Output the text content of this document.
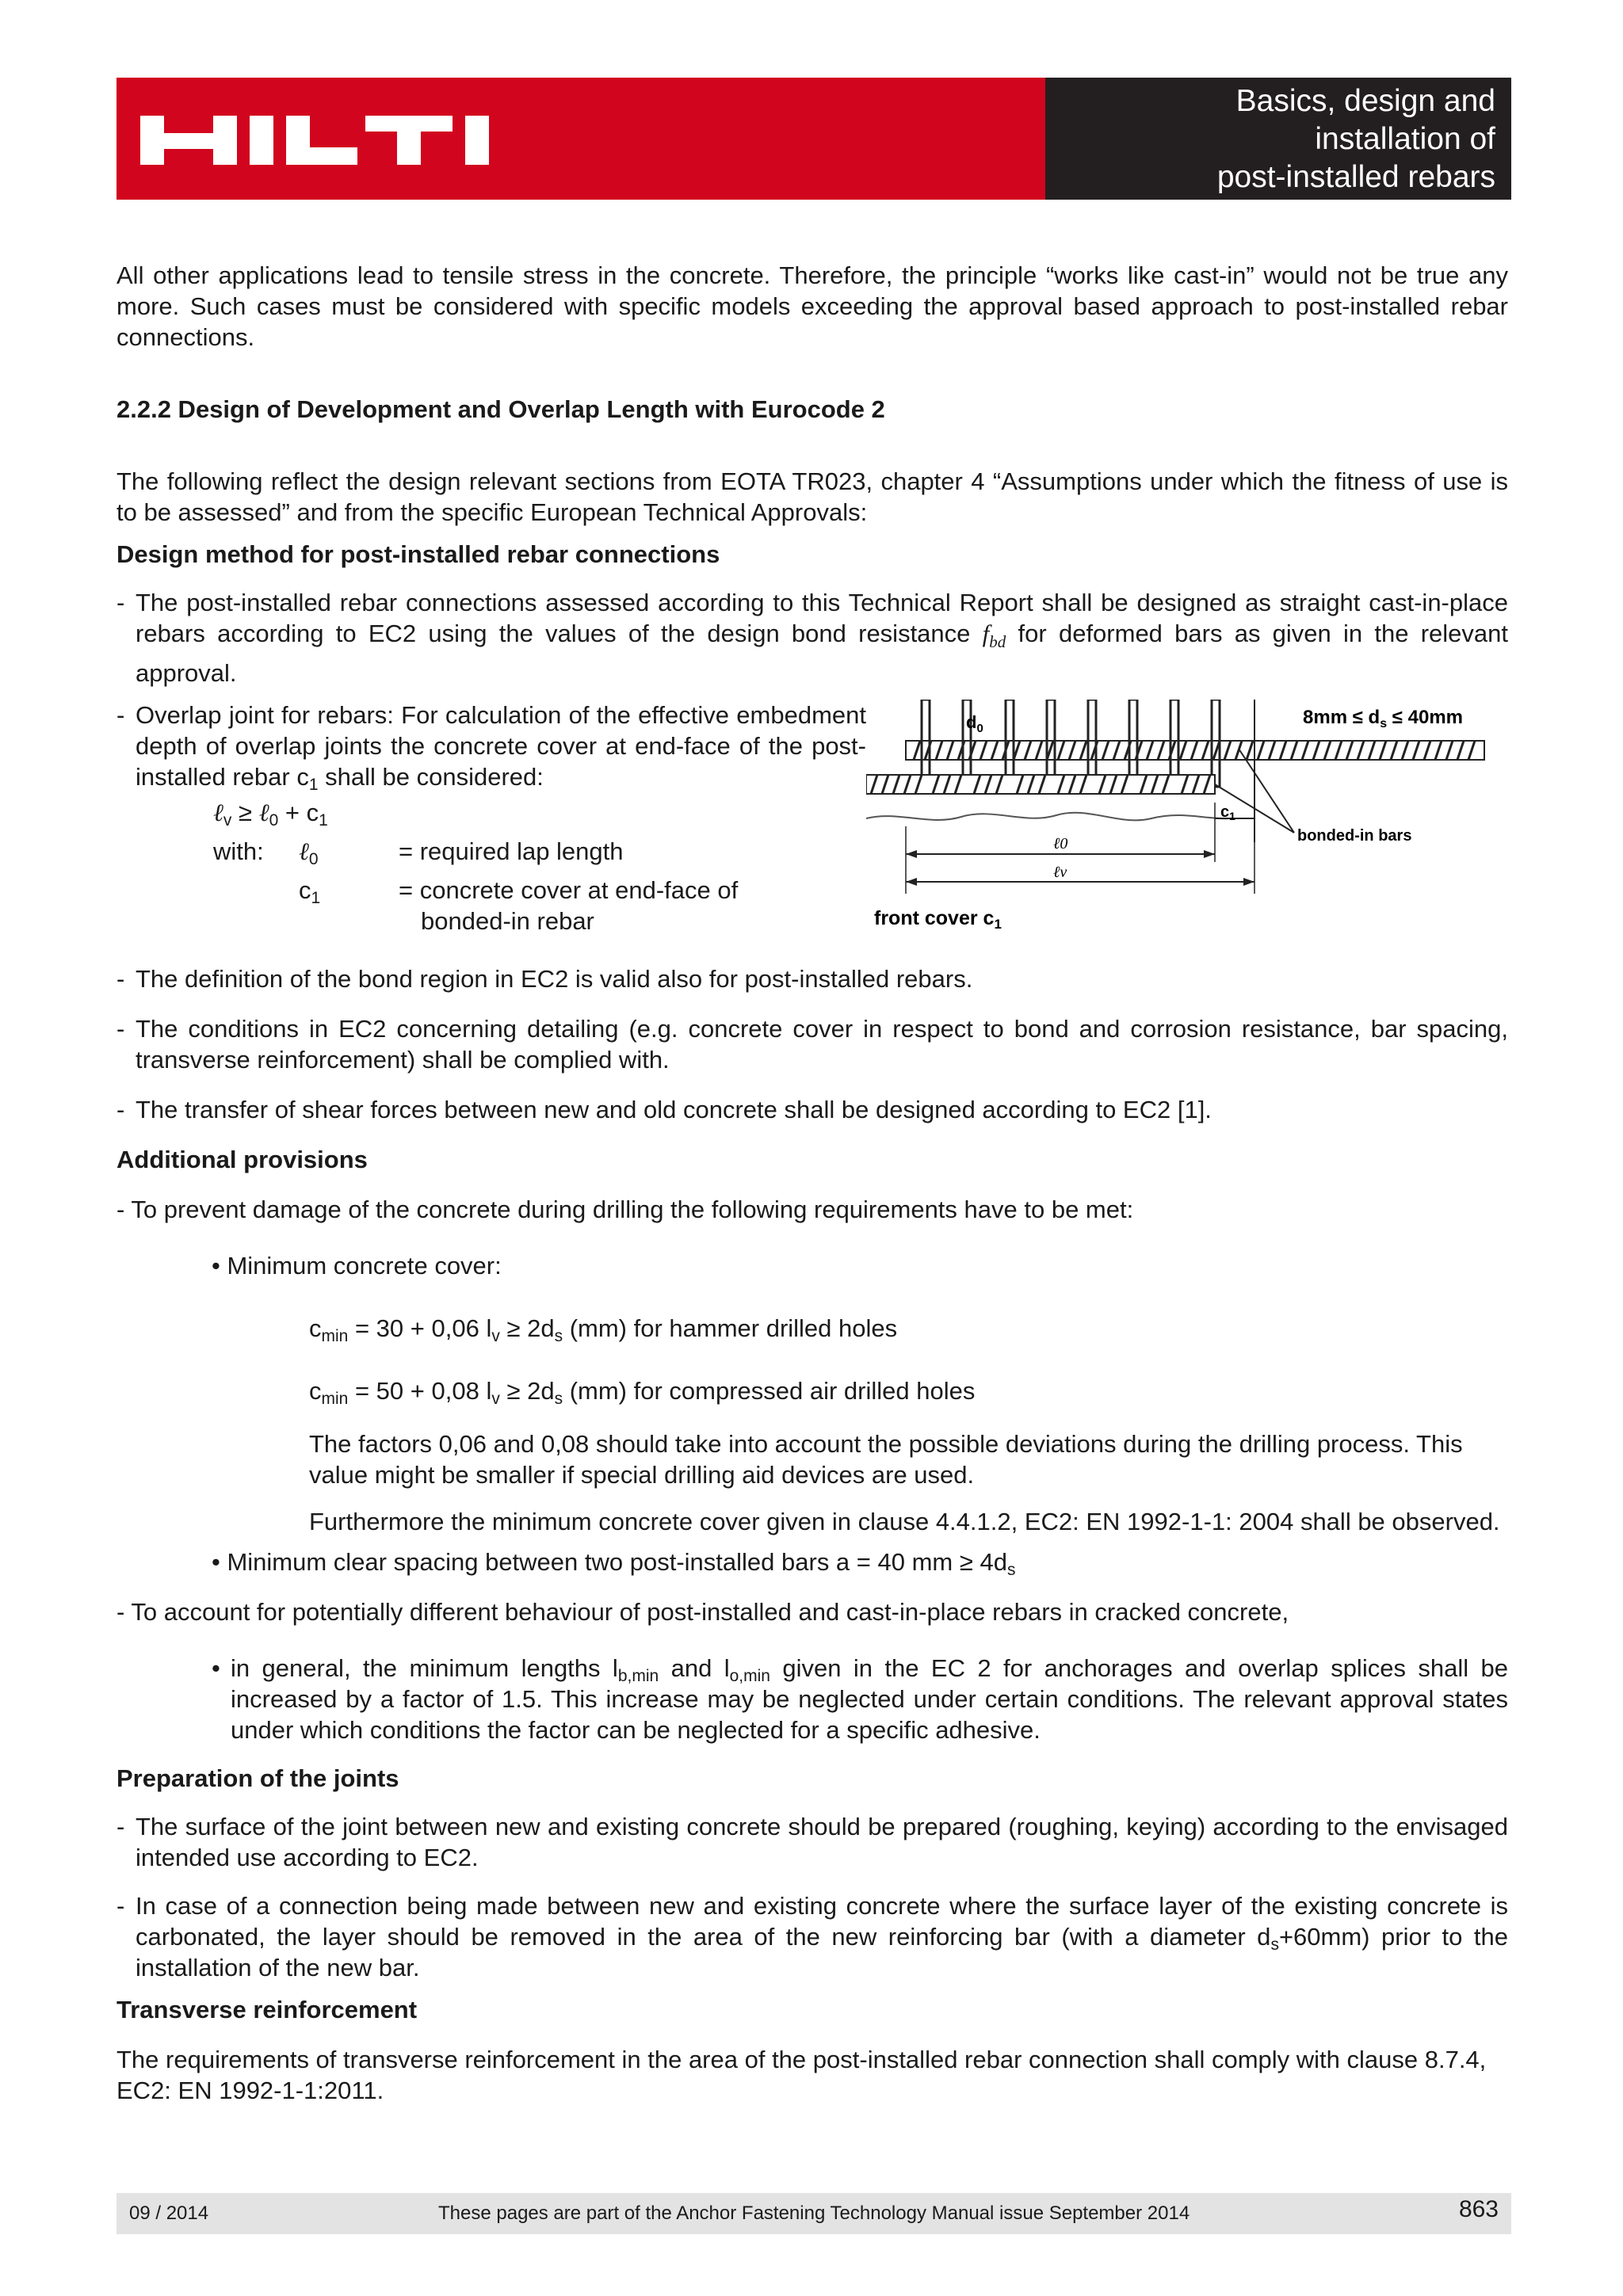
Basics, design and
installation of
post-installed rebars

All other applications lead to tensile stress in the concrete. Therefore, the principle “works like cast-in” would not be true any more. Such cases must be considered with specific models exceeding the approval based approach to post-installed rebar connections.

2.2.2 Design of Development and Overlap Length with Eurocode 2

The following reflect the design relevant sections from EOTA TR023, chapter 4 “Assumptions under which the fitness of use is to be assessed” and from the specific European Technical Approvals:

Design method for post-installed rebar connections

- The post-installed rebar connections assessed according to this Technical Report shall be designed as straight cast-in-place rebars according to EC2 using the values of the design bond resistance $f_{bd}$ for deformed bars as given in the relevant approval.
- Overlap joint for rebars: For calculation of the effective embedment depth of overlap joints the concrete cover at end-face of the post-installed rebar $c_1$ shall be considered:

ℓ$_v$ ≥ ℓ$_0$ + $c_1$

with:	ℓ$_0$	= required lap length
$c_1$	= concrete cover at end-face of
bonded-in rebar
$8mm \le d_s \le 40mm$
$d_0$
$c_1$
bonded-in bars
ℓ0
ℓv
front cover $c_1$
- The definition of the bond region in EC2 is valid also for post-installed rebars.
- The conditions in EC2 concerning detailing (e.g. concrete cover in respect to bond and corrosion resistance, bar spacing, transverse reinforcement) shall be complied with.
- The transfer of shear forces between new and old concrete shall be designed according to EC2 [1].

Additional provisions

- To prevent damage of the concrete during drilling the following requirements have to be met:

• Minimum concrete cover:

$c_{min} = 30 + 0,06$ $l_v \ge 2d_s$ (mm) for hammer drilled holes

$c_{min} = 50 + 0,08$ $l_v \ge 2d_s$ (mm) for compressed air drilled holes

The factors 0,06 and 0,08 should take into account the possible deviations during the drilling process. This value might be smaller if special drilling aid devices are used.

Furthermore the minimum concrete cover given in clause 4.4.1.2, EC2: EN 1992-1-1: 2004 shall be observed.

• Minimum clear spacing between two post-installed bars a = 40 mm ≥ $4d_s$

- To account for potentially different behaviour of post-installed and cast-in-place rebars in cracked concrete,

• in general, the minimum lengths $l_{b,min}$ and $l_{o,min}$ given in the EC 2 for anchorages and overlap splices shall be increased by a factor of 1.5. This increase may be neglected under certain conditions. The relevant approval states under which conditions the factor can be neglected for a specific adhesive.

Preparation of the joints

- The surface of the joint between new and existing concrete should be prepared (roughing, keying) according to the envisaged intended use according to EC2.
- In case of a connection being made between new and existing concrete where the surface layer of the existing concrete is carbonated, the layer should be removed in the area of the new reinforcing bar (with a diameter $d_s+60mm$) prior to the installation of the new bar.

Transverse reinforcement

The requirements of transverse reinforcement in the area of the post-installed rebar connection shall comply with clause 8.7.4, EC2: EN 1992-1-1:2011.

09 / 2014	These pages are part of the Anchor Fastening Technology Manual issue September 2014	863
